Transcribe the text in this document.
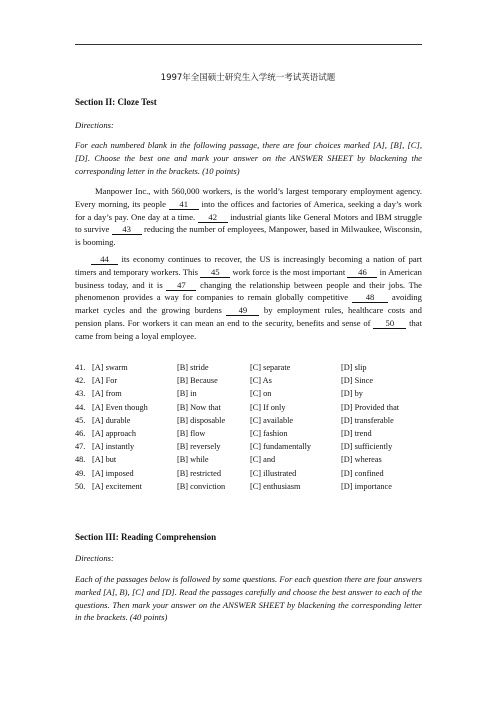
1997年全国硕士研究生入学统一考试英语试题
Section II: Cloze Test
Directions:
For each numbered blank in the following passage, there are four choices marked [A], [B], [C], [D]. Choose the best one and mark your answer on the ANSWER SHEET by blackening the corresponding letter in the brackets. (10 points)

Manpower Inc., with 560,000 workers, is the world’s largest temporary employment agency. Every morning, its people 41 into the offices and factories of America, seeking a day’s work for a day’s pay. One day at a time. 42 industrial giants like General Motors and IBM struggle to survive 43 reducing the number of employees, Manpower, based in Milwaukee, Wisconsin, is booming.

44 its economy continues to recover, the US is increasingly becoming a nation of part timers and temporary workers. This 45 work force is the most important 46 in American business today, and it is 47 changing the relationship between people and their jobs. The phenomenon provides a way for companies to remain globally competitive 48 avoiding market cycles and the growing burdens 49 by employment rules, healthcare costs and pension plans. For workers it can mean an end to the security, benefits and sense of 50 that came from being a loyal employee.

41. [A] swarm	[B] stride	[C] separate	[D] slip
42. [A] For	[B] Because	[C] As	[D] Since
43. [A] from	[B] in	[C] on	[D] by
44. [A] Even though	[B] Now that	[C] If only	[D] Provided that
45. [A] durable	[B] disposable	[C] available	[D] transferable
46. [A] approach	[B] flow	[C] fashion	[D] trend
47. [A] instantly	[B] reversely	[C] fundamentally	[D] sufficiently
48. [A] but	[B] while	[C] and	[D] whereas
49. [A] imposed	[B] restricted	[C] illustrated	[D] confined
50. [A] excitement	[B] conviction	[C] enthusiasm	[D] importance
Section III: Reading Comprehension
Directions:
Each of the passages below is followed by some questions. For each question there are four answers marked [A], B), [C] and [D]. Read the passages carefully and choose the best answer to each of the questions. Then mark your answer on the ANSWER SHEET by blackening the corresponding letter in the brackets. (40 points)
